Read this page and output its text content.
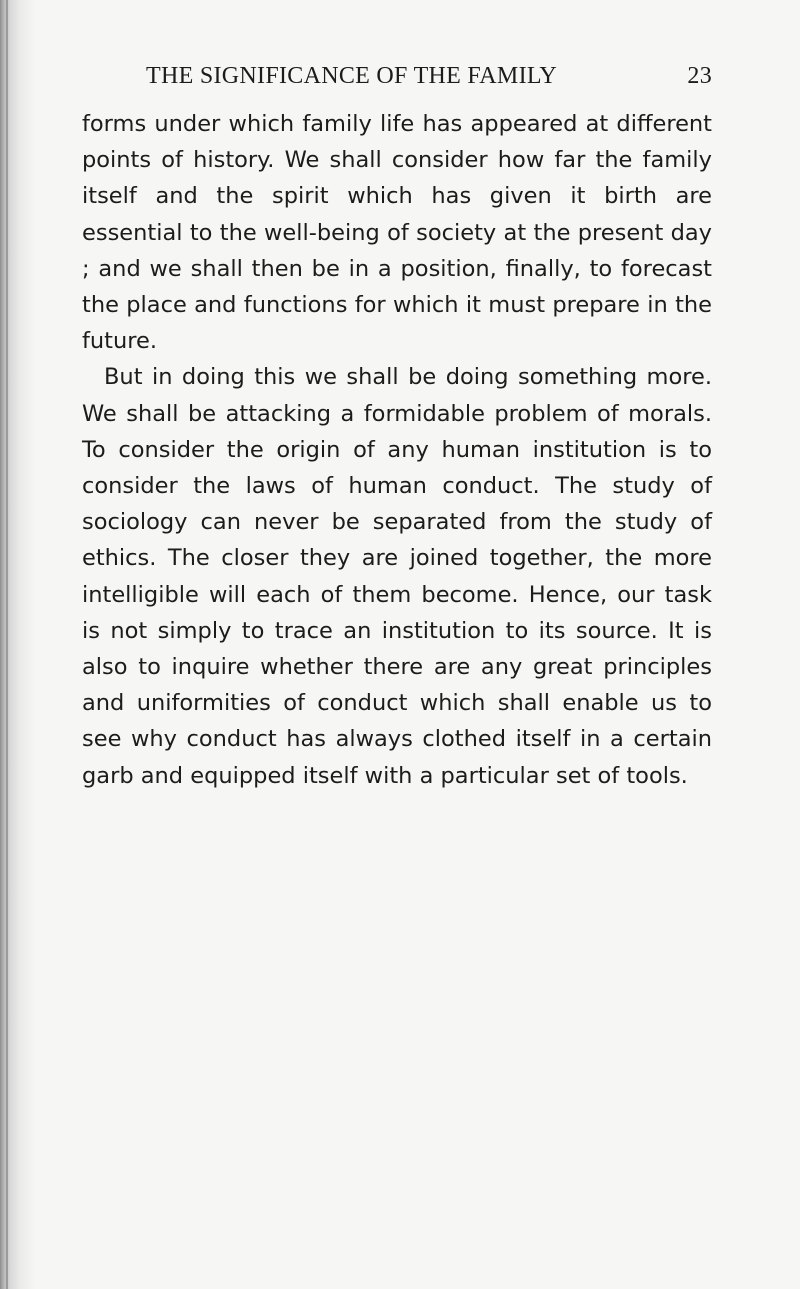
THE SIGNIFICANCE OF THE FAMILY	23

forms under which family life has appeared at different points of history. We shall consider how far the family itself and the spirit which has given it birth are essential to the well-being of society at the present day ; and we shall then be in a position, finally, to forecast the place and functions for which it must prepare in the future.

But in doing this we shall be doing something more. We shall be attacking a formidable problem of morals. To consider the origin of any human institution is to consider the laws of human conduct. The study of sociology can never be separated from the study of ethics. The closer they are joined together, the more intelligible will each of them become. Hence, our task is not simply to trace an institution to its source. It is also to inquire whether there are any great principles and uniformities of conduct which shall enable us to see why conduct has always clothed itself in a certain garb and equipped itself with a particular set of tools.
